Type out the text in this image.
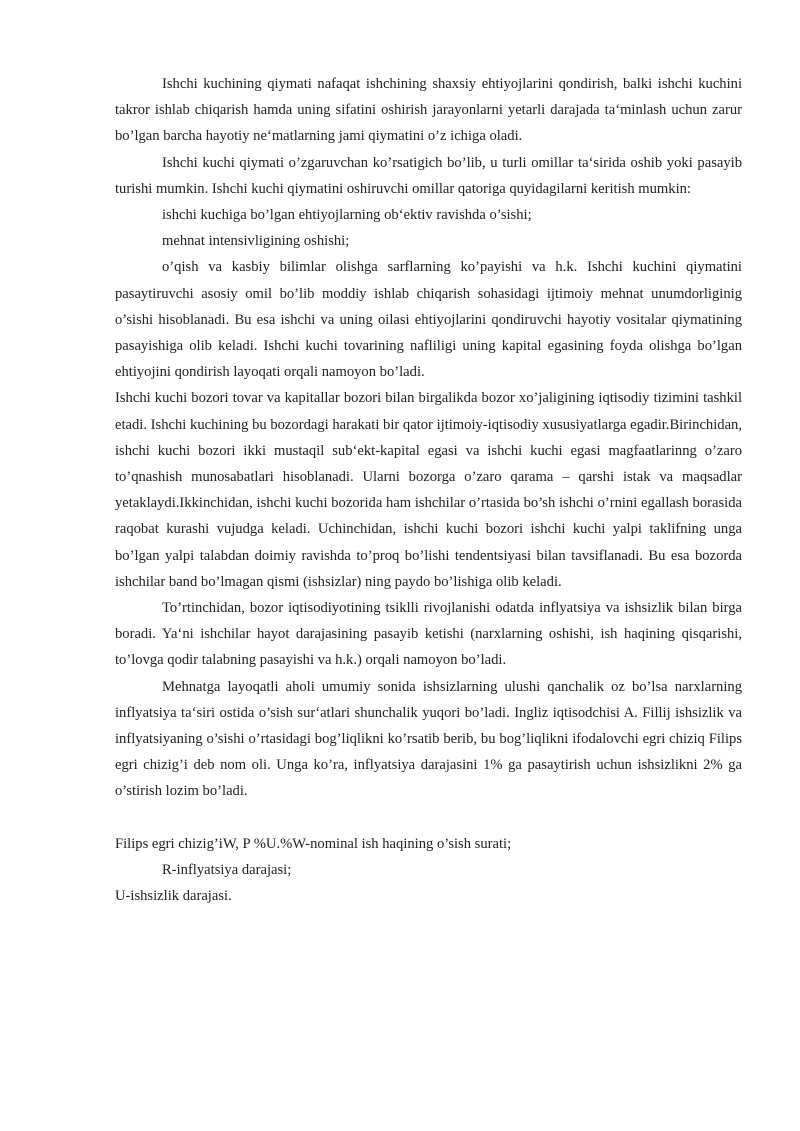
Ishchi kuchining qiymati nafaqat ishchining shaxsiy ehtiyojlarini qondirish, balki ishchi kuchini takror ishlab chiqarish hamda uning sifatini oshirish jarayonlarni yetarli darajada ta‘minlash uchun zarur bo’lgan barcha hayotiy ne‘matlarning jami qiymatini o’z ichiga oladi.

Ishchi kuchi qiymati o’zgaruvchan ko’rsatigich bo’lib, u turli omillar ta‘sirida oshib yoki pasayib turishi mumkin. Ishchi kuchi qiymatini oshiruvchi omillar qatoriga quyidagilarni keritish mumkin:

ishchi kuchiga bo’lgan ehtiyojlarning ob‘ektiv ravishda o’sishi;

mehnat intensivligining oshishi;

o’qish va kasbiy bilimlar olishga sarflarning ko’payishi va h.k. Ishchi kuchini qiymatini pasaytiruvchi asosiy omil bo’lib moddiy ishlab chiqarish sohasidagi ijtimoiy mehnat unumdorliginig o’sishi hisoblanadi. Bu esa ishchi va uning oilasi ehtiyojlarini qondiruvchi hayotiy vositalar qiymatining pasayishiga olib keladi. Ishchi kuchi tovarining nafliligi uning kapital egasining foyda olishga bo’lgan ehtiyojini qondirish layoqati orqali namoyon bo’ladi.

Ishchi kuchi bozori tovar va kapitallar bozori bilan birgalikda bozor xo’jaligining iqtisodiy tizimini tashkil etadi. Ishchi kuchining bu bozordagi harakati bir qator ijtimoiy-iqtisodiy xususiyatlarga egadir.Birinchidan, ishchi kuchi bozori ikki mustaqil sub‘ekt-kapital egasi va ishchi kuchi egasi magfaatlarinng o’zaro to’qnashish munosabatlari hisoblanadi. Ularni bozorga o’zaro qarama – qarshi istak va maqsadlar yetaklaydi.Ikkinchidan, ishchi kuchi bozorida ham ishchilar o’rtasida bo’sh ishchi o’rnini egallash borasida raqobat kurashi vujudga keladi. Uchinchidan, ishchi kuchi bozori ishchi kuchi yalpi taklifning unga bo’lgan yalpi talabdan doimiy ravishda to’proq bo’lishi tendentsiyasi bilan tavsiflanadi. Bu esa bozorda ishchilar band bo’lmagan qismi (ishsizlar) ning paydo bo’lishiga olib keladi.

To’rtinchidan, bozor iqtisodiyotining tsiklli rivojlanishi odatda inflyatsiya va ishsizlik bilan birga boradi. Ya‘ni ishchilar hayot darajasining pasayib ketishi (narxlarning oshishi, ish haqining qisqarishi, to’lovga qodir talabning pasayishi va h.k.) orqali namoyon bo’ladi.

Mehnatga layoqatli aholi umumiy sonida ishsizlarning ulushi qanchalik oz bo’lsa narxlarning inflyatsiya ta‘siri ostida o’sish sur‘atlari shunchalik yuqori bo’ladi. Ingliz iqtisodchisi A. Fillij ishsizlik va inflyatsiyaning o’sishi o’rtasidagi bog’liqlikni ko’rsatib berib, bu bog’liqlikni ifodalovchi egri chiziq Filips egri chizig’i deb nom oli. Unga ko’ra, inflyatsiya darajasini 1% ga pasaytirish uchun ishsizlikni 2% ga o’stirish lozim bo’ladi.

Filips egri chizig’iW, P %U.%W-nominal ish haqining o’sish surati;

R-inflyatsiya darajasi;

U-ishsizlik darajasi.
